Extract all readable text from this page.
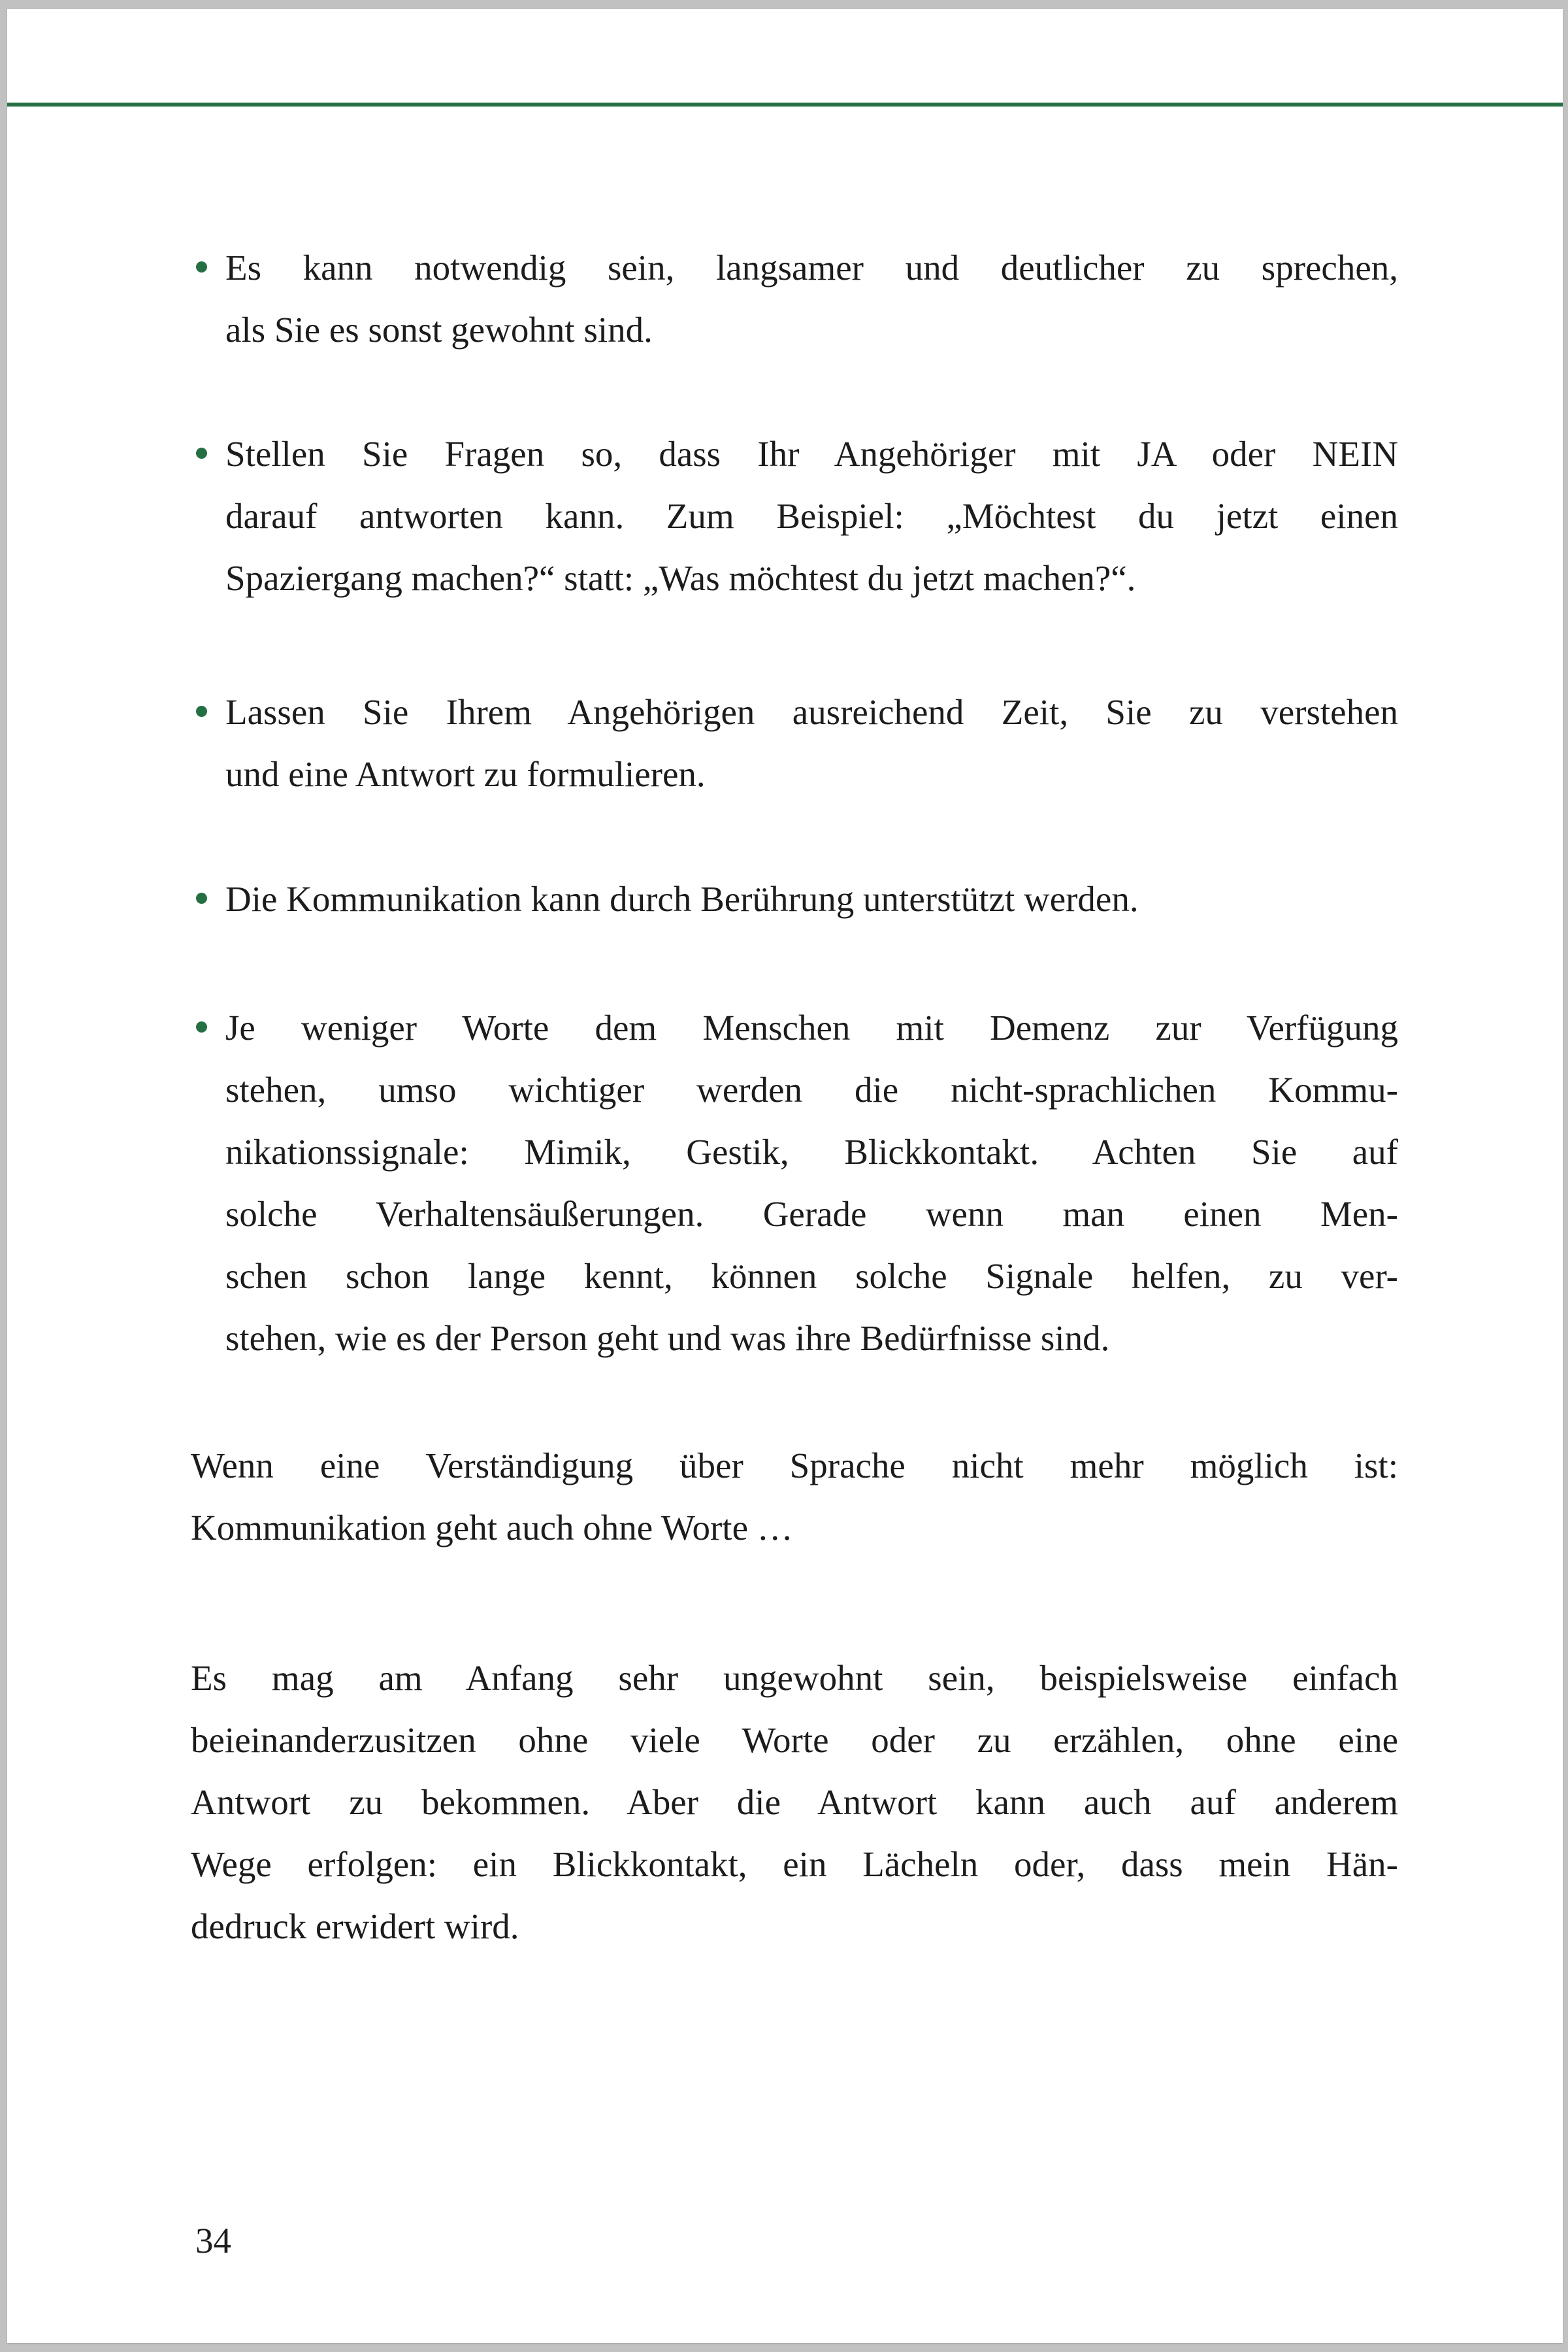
Es kann notwendig sein, langsamer und deutlicher zu sprechen,
als Sie es sonst gewohnt sind.
Stellen Sie Fragen so, dass Ihr Angehöriger mit JA oder NEIN
darauf antworten kann. Zum Beispiel: „Möchtest du jetzt einen
Spaziergang machen?“ statt: „Was möchtest du jetzt machen?“.
Lassen Sie Ihrem Angehörigen ausreichend Zeit, Sie zu verstehen
und eine Antwort zu formulieren.
Die Kommunikation kann durch Berührung unterstützt werden.
Je weniger Worte dem Menschen mit Demenz zur Verfügung
stehen, umso wichtiger werden die nicht-sprachlichen Kommu-
nikationssignale: Mimik, Gestik, Blickkontakt. Achten Sie auf
solche Verhaltensäußerungen. Gerade wenn man einen Men-
schen schon lange kennt, können solche Signale helfen, zu ver-
stehen, wie es der Person geht und was ihre Bedürfnisse sind.
Wenn eine Verständigung über Sprache nicht mehr möglich ist:
Kommunikation geht auch ohne Worte …
Es mag am Anfang sehr ungewohnt sein, beispielsweise einfach
beieinanderzusitzen ohne viele Worte oder zu erzählen, ohne eine
Antwort zu bekommen. Aber die Antwort kann auch auf anderem
Wege erfolgen: ein Blickkontakt, ein Lächeln oder, dass mein Hän-
dedruck erwidert wird.
34
